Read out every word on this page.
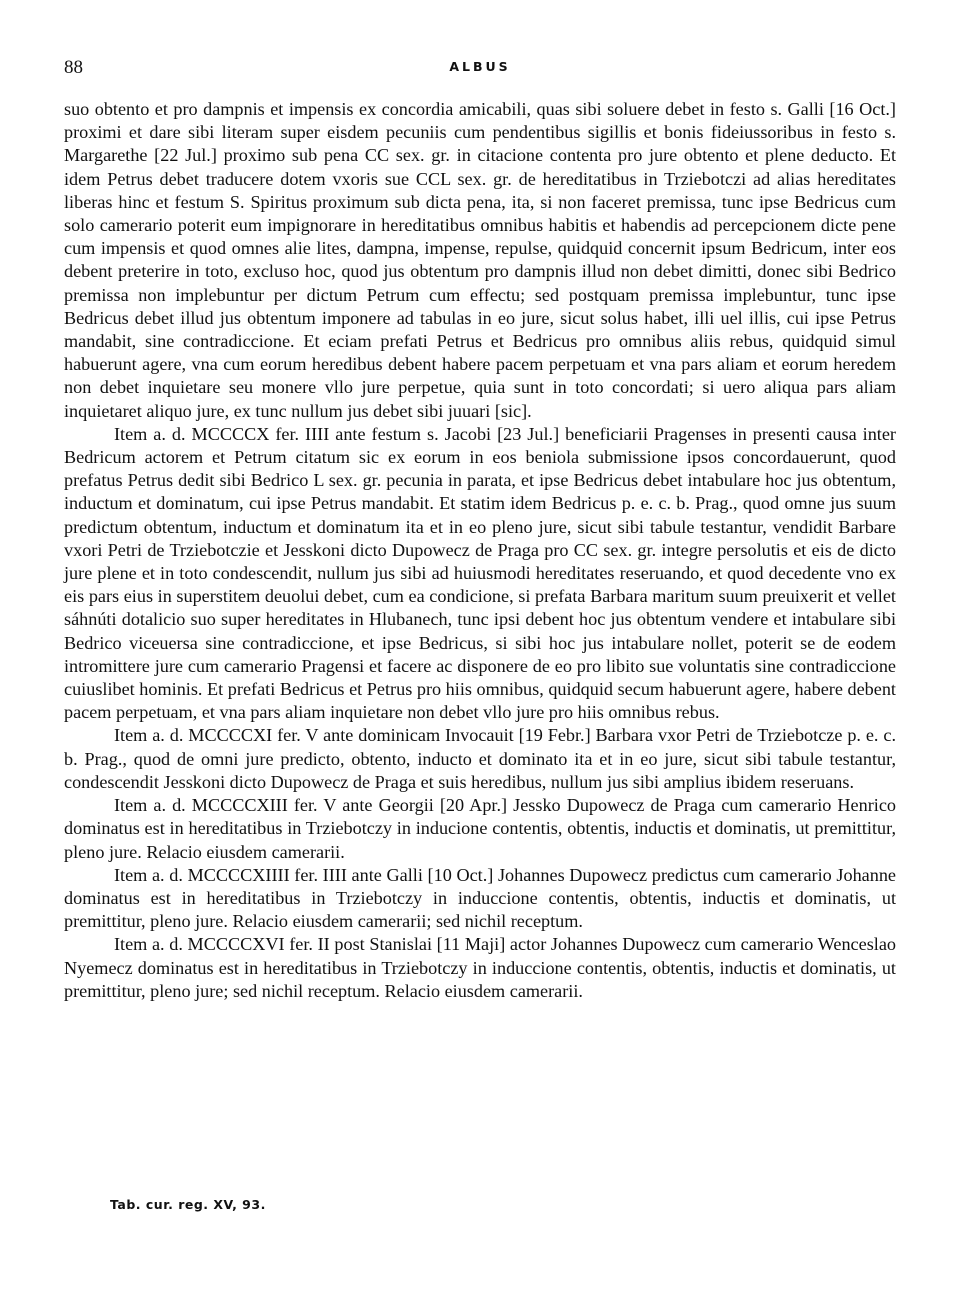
88	ALBUS

suo obtento et pro dampnis et impensis ex concordia amicabili, quas sibi soluere debet in festo s. Galli [16 Oct.] proximi et dare sibi literam super eisdem pecuniis cum pendentibus sigillis et bonis fideiussoribus in festo s. Margarethe [22 Jul.] proximo sub pena CC sex. gr. in citacione contenta pro jure obtento et plene deducto. Et idem Petrus debet traducere dotem vxoris sue CCL sex. gr. de hereditatibus in Trziebotczi ad alias hereditates liberas hinc et festum S. Spiritus proximum sub dicta pena, ita, si non faceret premissa, tunc ipse Bedricus cum solo camerario poterit eum impignorare in hereditatibus omnibus habitis et habendis ad percepcionem dicte pene cum impensis et quod omnes alie lites, dampna, impense, repulse, quidquid concernit ipsum Bedricum, inter eos debent preterire in toto, excluso hoc, quod jus obtentum pro dampnis illud non debet dimitti, donec sibi Bedrico premissa non implebuntur per dictum Petrum cum effectu; sed postquam premissa implebuntur, tunc ipse Bedricus debet illud jus obtentum imponere ad tabulas in eo jure, sicut solus habet, illi uel illis, cui ipse Petrus mandabit, sine contradiccione. Et eciam prefati Petrus et Bedricus pro omnibus aliis rebus, quidquid simul habuerunt agere, vna cum eorum heredibus debent habere pacem perpetuam et vna pars aliam et eorum heredem non debet inquietare seu monere vllo jure perpetue, quia sunt in toto concordati; si uero aliqua pars aliam inquietaret aliquo jure, ex tunc nullum jus debet sibi juuari [sic].

Item a. d. MCCCCX fer. IIII ante festum s. Jacobi [23 Jul.] beneficiarii Pragenses in presenti causa inter Bedricum actorem et Petrum citatum sic ex eorum in eos beniola submissione ipsos concordauerunt, quod prefatus Petrus dedit sibi Bedrico L sex. gr. pecunia in parata, et ipse Bedricus debet intabulare hoc jus obtentum, inductum et dominatum, cui ipse Petrus mandabit. Et statim idem Bedricus p. e. c. b. Prag., quod omne jus suum predictum obtentum, inductum et dominatum ita et in eo pleno jure, sicut sibi tabule testantur, vendidit Barbare vxori Petri de Trziebotczie et Jesskoni dicto Dupowecz de Praga pro CC sex. gr. integre persolutis et eis de dicto jure plene et in toto condescendit, nullum jus sibi ad huiusmodi hereditates reseruando, et quod decedente vno ex eis pars eius in superstitem deuolui debet, cum ea condicione, si prefata Barbara maritum suum preuixerit et vellet sáhnúti dotalicio suo super hereditates in Hlubanech, tunc ipsi debent hoc jus obtentum vendere et intabulare sibi Bedrico viceuersa sine contradiccione, et ipse Bedricus, si sibi hoc jus intabulare nollet, poterit se de eodem intromittere jure cum camerario Pragensi et facere ac disponere de eo pro libito sue voluntatis sine contradiccione cuiuslibet hominis. Et prefati Bedricus et Petrus pro hiis omnibus, quidquid secum habuerunt agere, habere debent pacem perpetuam, et vna pars aliam inquietare non debet vllo jure pro hiis omnibus rebus.

Item a. d. MCCCCXI fer. V ante dominicam Invocauit [19 Febr.] Barbara vxor Petri de Trziebotcze p. e. c. b. Prag., quod de omni jure predicto, obtento, inducto et dominato ita et in eo jure, sicut sibi tabule testantur, condescendit Jesskoni dicto Dupowecz de Praga et suis heredibus, nullum jus sibi amplius ibidem reseruans.

Item a. d. MCCCCXIII fer. V ante Georgii [20 Apr.] Jessko Dupowecz de Praga cum camerario Henrico dominatus est in hereditatibus in Trziebotczy in inducione contentis, obtentis, inductis et dominatis, ut premittitur, pleno jure. Relacio eiusdem camerarii.

Item a. d. MCCCCXIIII fer. IIII ante Galli [10 Oct.] Johannes Dupowecz predictus cum camerario Johanne dominatus est in hereditatibus in Trziebotczy in induccione contentis, obtentis, inductis et dominatis, ut premittitur, pleno jure. Relacio eiusdem camerarii; sed nichil receptum.

Item a. d. MCCCCXVI fer. II post Stanislai [11 Maji] actor Johannes Dupowecz cum camerario Wenceslao Nyemecz dominatus est in hereditatibus in Trziebotczy in induccione contentis, obtentis, inductis et dominatis, ut premittitur, pleno jure; sed nichil receptum. Relacio eiusdem camerarii.

Tab. cur. reg. XV, 93.
